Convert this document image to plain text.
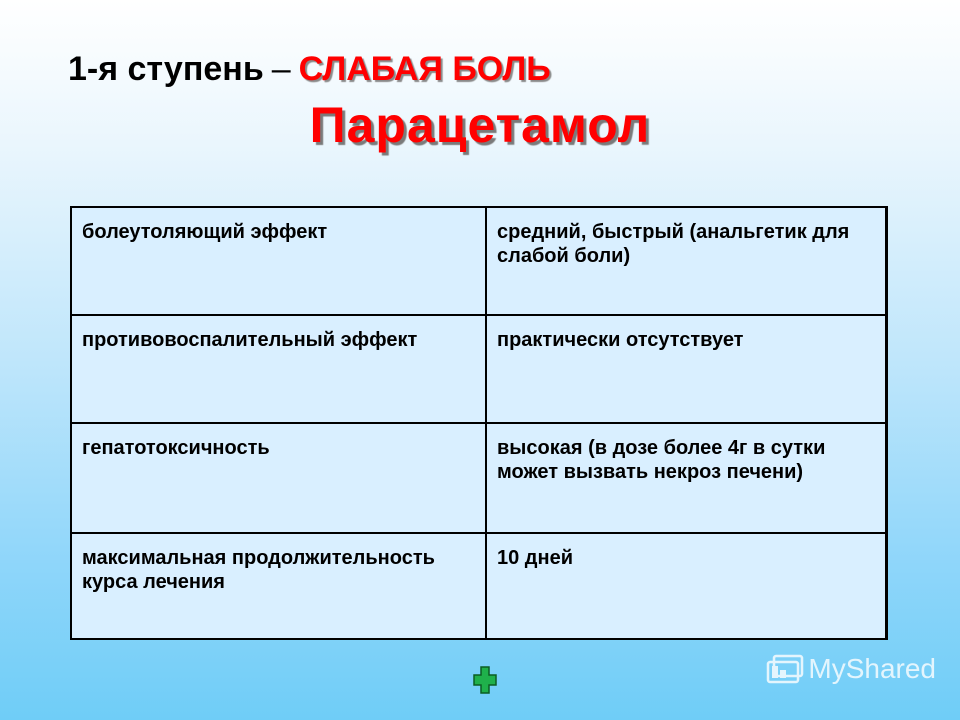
1-я ступень – СЛАБАЯ БОЛЬ
Парацетамол
болеутоляющий эффект	средний, быстрый (анальгетик для слабой боли)
противовоспалительный эффект	практически отсутствует
гепатотоксичность	высокая (в дозе более 4г в сутки может вызвать некроз печени)
максимальная продолжительность курса лечения	10 дней
MyShared
